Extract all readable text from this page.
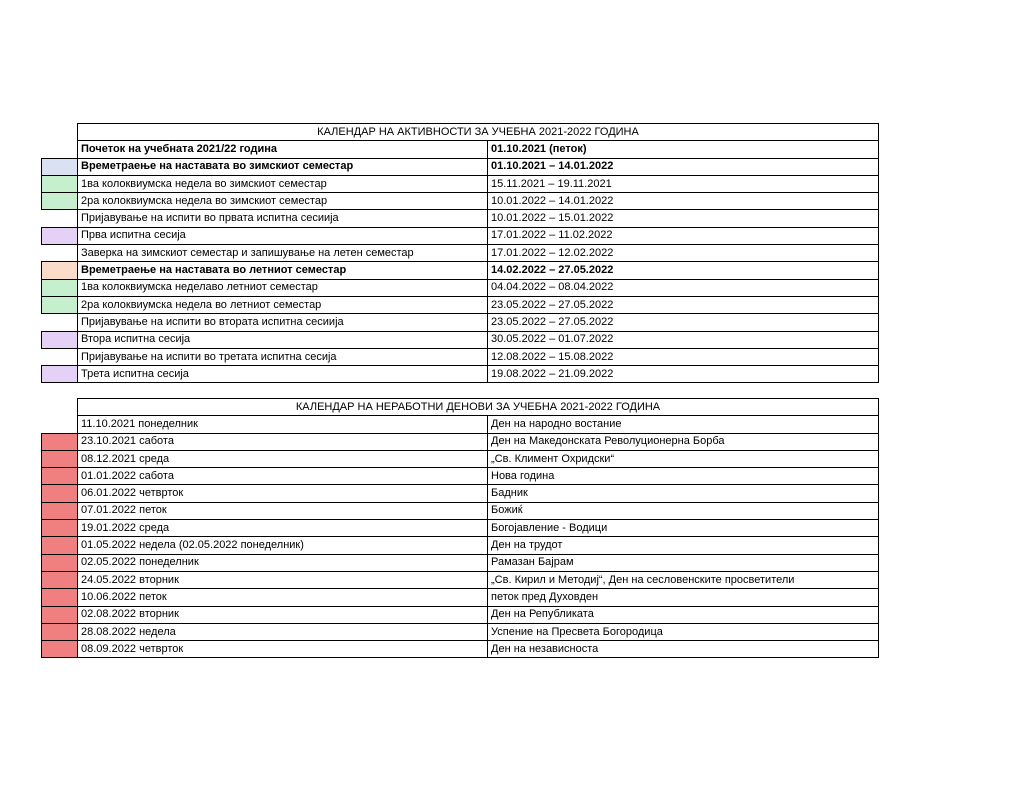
	КАЛЕНДАР НА АКТИВНОСТИ ЗА УЧЕБНА 2021-2022 ГОДИНА	
	Почеток на учебната 2021/22 година	01.10.2021 (петок)
	Времетраење на наставата во зимскиот семестар	01.10.2021 – 14.01.2022
	1ва колоквиумска недела во зимскиот семестар	15.11.2021 – 19.11.2021
	2ра колоквиумска недела во зимскиот семестар	10.01.2022 – 14.01.2022
	Пријавување на испити во првата испитна сесиија	10.01.2022 – 15.01.2022
	Прва испитна сесија	17.01.2022 – 11.02.2022
	Заверка на зимскиот семестар и запишување на летен семестар	17.01.2022 – 12.02.2022
	Времетраење на наставата во летниот семестар	14.02.2022 – 27.05.2022
	1ва колоквиумска неделаво летниот семестар	04.04.2022 – 08.04.2022
	2ра колоквиумска недела во летниот семестар	23.05.2022 – 27.05.2022
	Пријавување на испити во втората испитна сесиија	23.05.2022 – 27.05.2022
	Втора испитна сесија	30.05.2022 – 01.07.2022
	Пријавување на испити во третата испитна сесија	12.08.2022 – 15.08.2022
	Трета испитна сесија	19.08.2022 – 21.09.2022
	КАЛЕНДАР НА НЕРАБОТНИ ДЕНОВИ ЗА УЧЕБНА 2021-2022 ГОДИНА	
	11.10.2021 понеделник	Ден на народно востание
	23.10.2021 сабота	Ден на Македонската Револуционерна Борба
	08.12.2021 среда	„Св. Климент Охридски“
	01.01.2022 сабота	Нова година
	06.01.2022 четврток	Бадник
	07.01.2022 петок	Божиќ
	19.01.2022 среда	Богојавление - Водици
	01.05.2022 недела (02.05.2022 понеделник)	Ден на трудот
	02.05.2022 понеделник	Рамазан Бајрам
	24.05.2022 вторник	„Св. Кирил и Методиј“, Ден на сесловенските просветители
	10.06.2022 петок	петок пред Духовден
	02.08.2022 вторник	Ден на Републиката
	28.08.2022 недела	Успение на Пресвета Богородица
	08.09.2022 четврток	Ден на независноста
